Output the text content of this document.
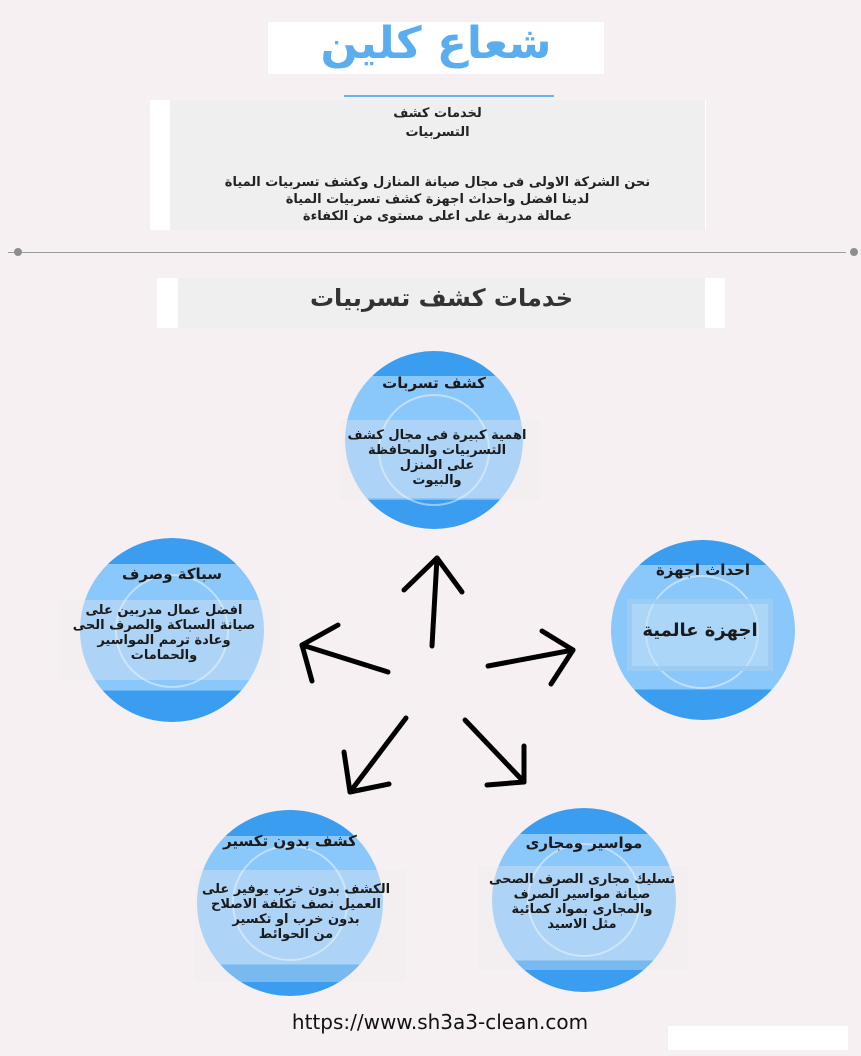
شعاع كلين
لخدمات كشف
التسربيات
نحن الشركة الاولى فى مجال صيانة المنازل وكشف تسربيات المياة
لدينا افضل واحداث اجهزة كشف تسربيات المياة
عمالة مدربة على اعلى مستوى من الكفاءة
خدمات كشف تسربيات
كشف تسربات
اهمية كبيرة فى مجال كشف
التسربيات والمحافظة
على المنزل
والبيوت
احداث اجهزة
اجهزة عالمية
سباكة وصرف
افضل عمال مدربين على
صيانة السباكة والصرف الحى
وعادة ترمم المواسير
والحمامات
كشف بدون تكسير
الكشف بدون خرب يوفير على
العميل نصف تكلفة الاصلاح
بدون خرب او تكسير
من الحوائط
مواسير ومجارى
تسليك مجارى الصرف الصحى
صيانة مواسير الصرف
والمجارى بمواد كمائية
مثل الاسيد
https://www.sh3a3-clean.com
